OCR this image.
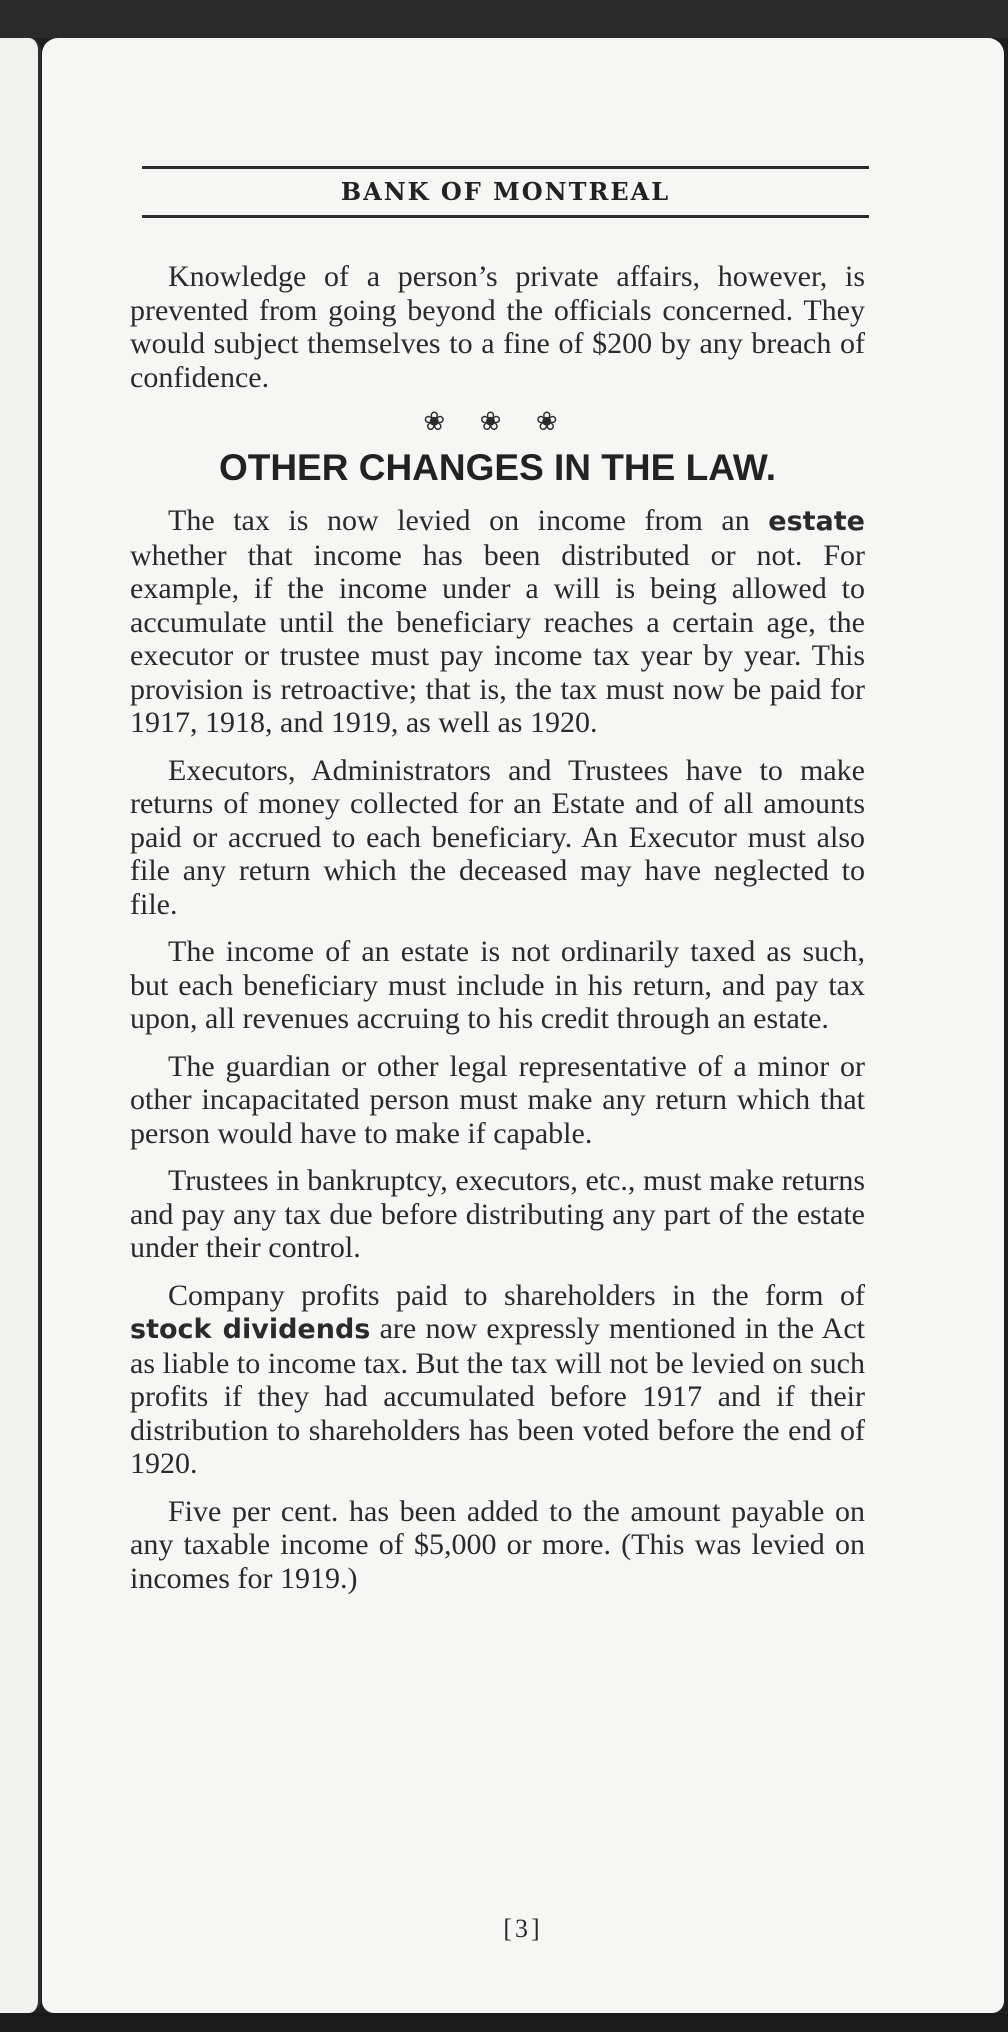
BANK OF MONTREAL

Knowledge of a person’s private affairs, however, is prevented from going beyond the officials concerned. They would subject themselves to a fine of $200 by any breach of confidence.

❀ ❀ ❀
OTHER CHANGES IN THE LAW.

The tax is now levied on income from an estate whether that income has been distributed or not. For example, if the income under a will is being allowed to accumulate until the beneficiary reaches a certain age, the executor or trustee must pay income tax year by year. This provision is retroactive; that is, the tax must now be paid for 1917, 1918, and 1919, as well as 1920.

Executors, Administrators and Trustees have to make returns of money collected for an Estate and of all amounts paid or accrued to each beneficiary. An Executor must also file any return which the deceased may have neglected to file.

The income of an estate is not ordinarily taxed as such, but each beneficiary must include in his return, and pay tax upon, all revenues accruing to his credit through an estate.

The guardian or other legal representative of a minor or other incapacitated person must make any return which that person would have to make if capable.

Trustees in bankruptcy, executors, etc., must make returns and pay any tax due before distributing any part of the estate under their control.

Company profits paid to shareholders in the form of stock dividends are now expressly mentioned in the Act as liable to income tax. But the tax will not be levied on such profits if they had accumulated before 1917 and if their distribution to shareholders has been voted before the end of 1920.

Five per cent. has been added to the amount payable on any taxable income of $5,000 or more. (This was levied on incomes for 1919.)

[3]
